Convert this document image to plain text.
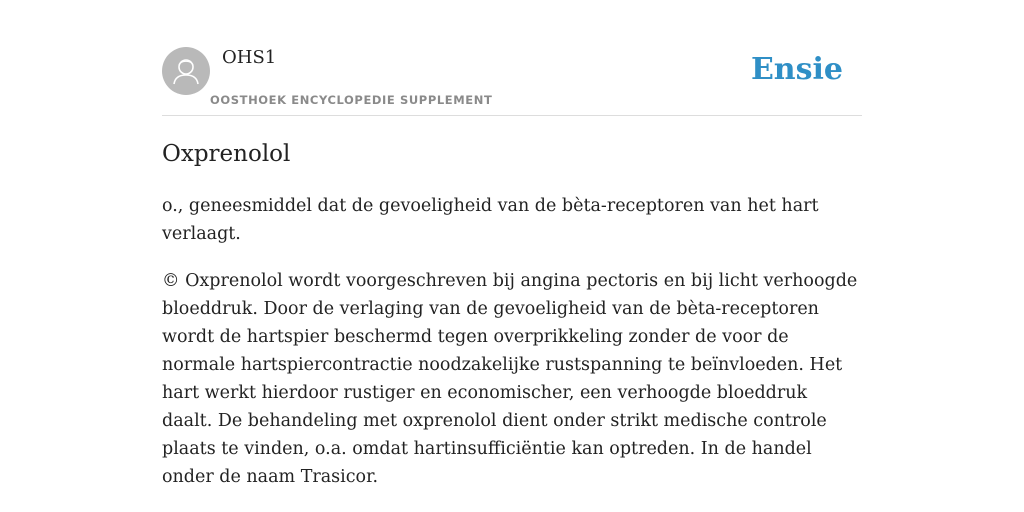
OHS1
OOSTHOEK ENCYCLOPEDIE SUPPLEMENT
Ensie
Oxprenolol

o., geneesmiddel dat de gevoeligheid van de bèta-receptoren van het hart verlaagt.

© Oxprenolol wordt voorgeschreven bij angina pectoris en bij licht verhoogde bloeddruk. Door de verlaging van de gevoeligheid van de bèta-receptoren wordt de hartspier beschermd tegen overprikkeling zonder de voor de normale hartspiercontractie noodzakelijke rustspanning te beïnvloeden. Het hart werkt hierdoor rustiger en economischer, een verhoogde bloeddruk daalt. De behandeling met oxprenolol dient onder strikt medische controle plaats te vinden, o.a. omdat hartinsufficiëntie kan optreden. In de handel onder de naam Trasicor.
